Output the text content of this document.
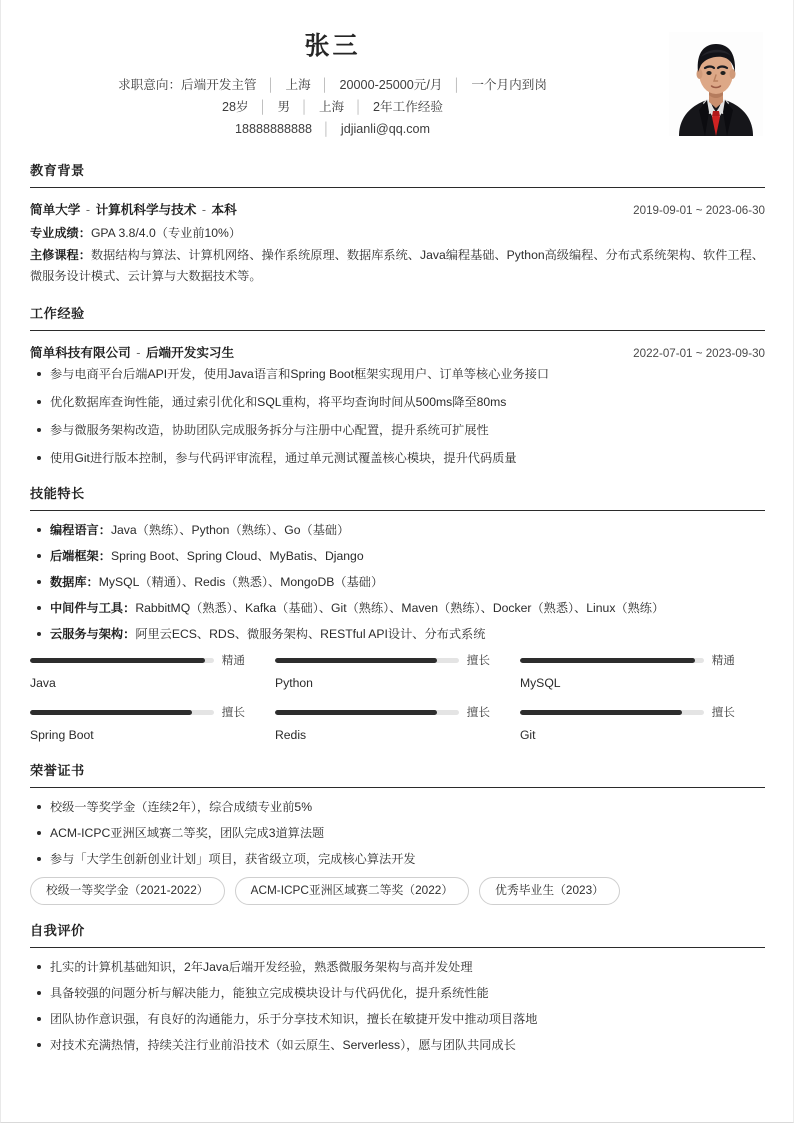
张三
求职意向：后端开发主管 │ 上海 │ 20000-25000元/月 │ 一个月内到岗
28岁 │ 男 │ 上海 │ 2年工作经验
18888888888 │ jdjianli@qq.com
教育背景
简单大学 - 计算机科学与技术 - 本科	2019-09-01 ~ 2023-06-30
专业成绩：GPA 3.8/4.0（专业前10%）
主修课程：数据结构与算法、计算机网络、操作系统原理、数据库系统、Java编程基础、Python高级编程、分布式系统架构、软件工程、微服务设计模式、云计算与大数据技术等。
工作经验
简单科技有限公司 - 后端开发实习生	2022-07-01 ~ 2023-09-30
参与电商平台后端API开发，使用Java语言和Spring Boot框架实现用户、订单等核心业务接口
优化数据库查询性能，通过索引优化和SQL重构，将平均查询时间从500ms降至80ms
参与微服务架构改造，协助团队完成服务拆分与注册中心配置，提升系统可扩展性
使用Git进行版本控制，参与代码评审流程，通过单元测试覆盖核心模块，提升代码质量
技能特长
编程语言：Java（熟练）、Python（熟练）、Go（基础）
后端框架：Spring Boot、Spring Cloud、MyBatis、Django
数据库：MySQL（精通）、Redis（熟悉）、MongoDB（基础）
中间件与工具：RabbitMQ（熟悉）、Kafka（基础）、Git（熟练）、Maven（熟练）、Docker（熟悉）、Linux（熟练）
云服务与架构：阿里云ECS、RDS、微服务架构、RESTful API设计、分布式系统
精通
Java
擅长
Python
精通
MySQL
擅长
Spring Boot
擅长
Redis
擅长
Git
荣誉证书
校级一等奖学金（连续2年），综合成绩专业前5%
ACM-ICPC亚洲区域赛二等奖，团队完成3道算法题
参与「大学生创新创业计划」项目，获省级立项，完成核心算法开发
校级一等奖学金（2021-2022）	ACM-ICPC亚洲区域赛二等奖（2022）	优秀毕业生（2023）
自我评价
扎实的计算机基础知识，2年Java后端开发经验，熟悉微服务架构与高并发处理
具备较强的问题分析与解决能力，能独立完成模块设计与代码优化，提升系统性能
团队协作意识强，有良好的沟通能力，乐于分享技术知识，擅长在敏捷开发中推动项目落地
对技术充满热情，持续关注行业前沿技术（如云原生、Serverless），愿与团队共同成长
